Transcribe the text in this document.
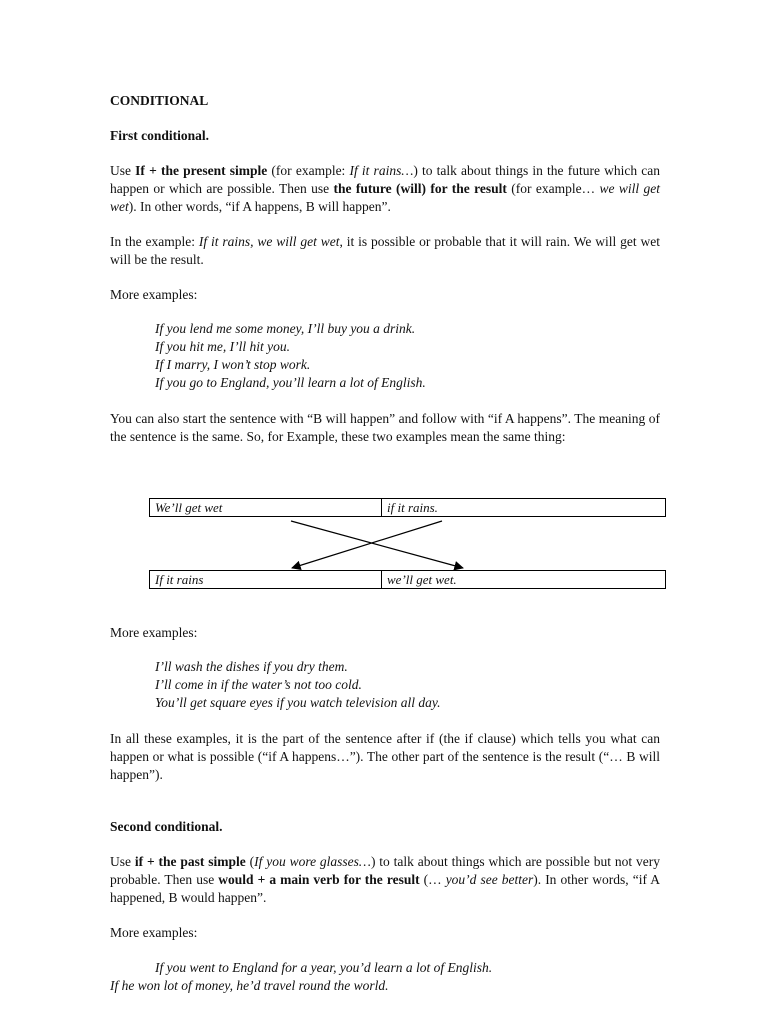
CONDITIONAL

First conditional.

Use If + the present simple (for example: If it rains…) to talk about things in the future which can happen or which are possible. Then use the future (will) for the result (for example… we will get wet). In other words, “if A happens, B will happen”.

In the example: If it rains, we will get wet, it is possible or probable that it will rain. We will get wet will be the result.

More examples:

If you lend me some money, I’ll buy you a drink.
If you hit me, I’ll hit you.
If I marry, I won’t stop work.
If you go to England, you’ll learn a lot of English.

You can also start the sentence with “B will happen” and follow with “if A happens”. The meaning of the sentence is the same. So, for Example, these two examples mean the same thing:

We’ll get wet	if it rains.
If it rains	we’ll get wet.

More examples:

I’ll wash the dishes if you dry them.
I’ll come in if the water’s not too cold.
You’ll get square eyes if you watch television all day.

In all these examples, it is the part of the sentence after if (the if clause) which tells you what can happen or what is possible (“if A happens…”). The other part of the sentence is the result (“… B will happen”).

Second conditional.

Use if + the past simple (If you wore glasses…) to talk about things which are possible but not very probable. Then use would + a main verb for the result (… you’d see better). In other words, “if A happened, B would happen”.

More examples:

If you went to England for a year, you’d learn a lot of English.
If he won lot of money, he’d travel round the world.
